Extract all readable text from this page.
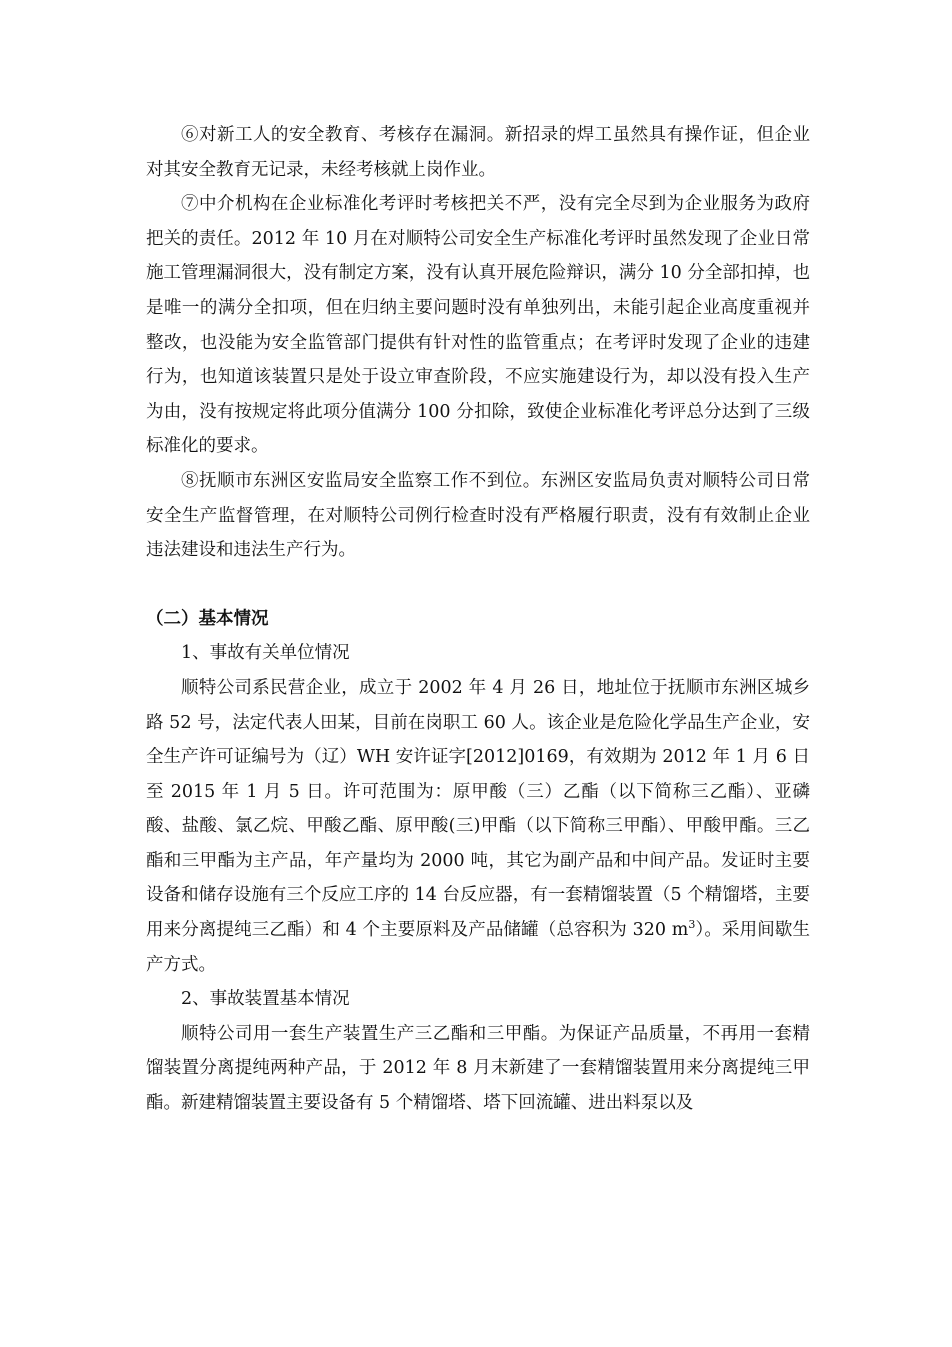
⑥对新工人的安全教育、考核存在漏洞。新招录的焊工虽然具有操作证，但企业对其安全教育无记录，未经考核就上岗作业。

⑦中介机构在企业标准化考评时考核把关不严，没有完全尽到为企业服务为政府把关的责任。2012 年 10 月在对顺特公司安全生产标准化考评时虽然发现了企业日常施工管理漏洞很大，没有制定方案，没有认真开展危险辩识，满分 10 分全部扣掉，也是唯一的满分全扣项，但在归纳主要问题时没有单独列出，未能引起企业高度重视并整改，也没能为安全监管部门提供有针对性的监管重点；在考评时发现了企业的违建行为，也知道该装置只是处于设立审查阶段，不应实施建设行为，却以没有投入生产为由，没有按规定将此项分值满分 100 分扣除，致使企业标准化考评总分达到了三级标准化的要求。

⑧抚顺市东洲区安监局安全监察工作不到位。东洲区安监局负责对顺特公司日常安全生产监督管理，在对顺特公司例行检查时没有严格履行职责，没有有效制止企业违法建设和违法生产行为。

（二）基本情况

1、事故有关单位情况

顺特公司系民营企业，成立于 2002 年 4 月 26 日，地址位于抚顺市东洲区城乡路 52 号，法定代表人田某，目前在岗职工 60 人。该企业是危险化学品生产企业，安全生产许可证编号为（辽）WH 安许证字[2012]0169，有效期为 2012 年 1 月 6 日至 2015 年 1 月 5 日。许可范围为：原甲酸（三）乙酯（以下简称三乙酯）、亚磷酸、盐酸、氯乙烷、甲酸乙酯、原甲酸(三)甲酯（以下简称三甲酯）、甲酸甲酯。三乙酯和三甲酯为主产品，年产量均为 2000 吨，其它为副产品和中间产品。发证时主要设备和储存设施有三个反应工序的 14 台反应器，有一套精馏装置（5 个精馏塔，主要用来分离提纯三乙酯）和 4 个主要原料及产品储罐（总容积为 320 $m^3$）。采用间歇生产方式。

2、事故装置基本情况

顺特公司用一套生产装置生产三乙酯和三甲酯。为保证产品质量，不再用一套精馏装置分离提纯两种产品，于 2012 年 8 月末新建了一套精馏装置用来分离提纯三甲酯。新建精馏装置主要设备有 5 个精馏塔、塔下回流罐、进出料泵以及
